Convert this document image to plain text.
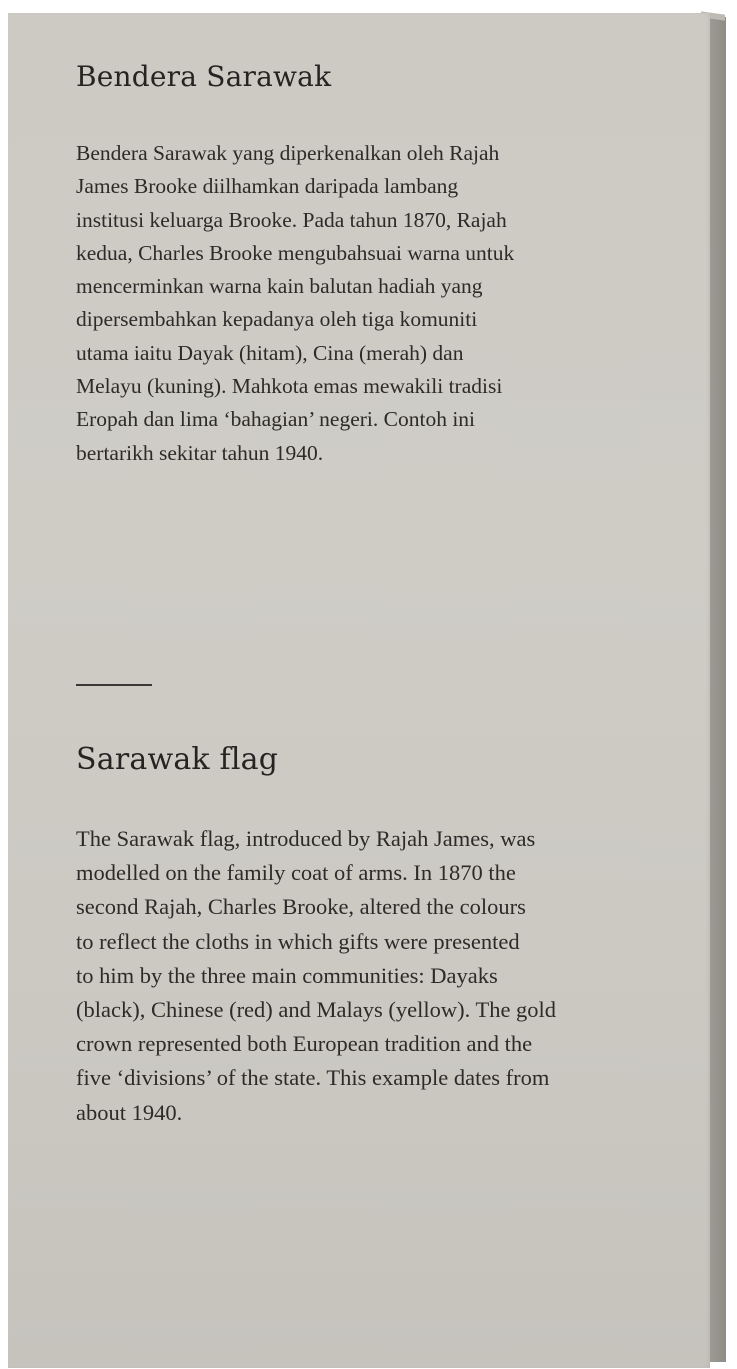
Bendera Sarawak
Bendera Sarawak yang diperkenalkan oleh Rajah
James Brooke diilhamkan daripada lambang
institusi keluarga Brooke. Pada tahun 1870, Rajah
kedua, Charles Brooke mengubahsuai warna untuk
mencerminkan warna kain balutan hadiah yang
dipersembahkan kepadanya oleh tiga komuniti
utama iaitu Dayak (hitam), Cina (merah) dan
Melayu (kuning). Mahkota emas mewakili tradisi
Eropah dan lima ‘bahagian’ negeri. Contoh ini
bertarikh sekitar tahun 1940.
Sarawak flag
The Sarawak flag, introduced by Rajah James, was
modelled on the family coat of arms. In 1870 the
second Rajah, Charles Brooke, altered the colours
to reflect the cloths in which gifts were presented
to him by the three main communities: Dayaks
(black), Chinese (red) and Malays (yellow). The gold
crown represented both European tradition and the
five ‘divisions’ of the state. This example dates from
about 1940.
